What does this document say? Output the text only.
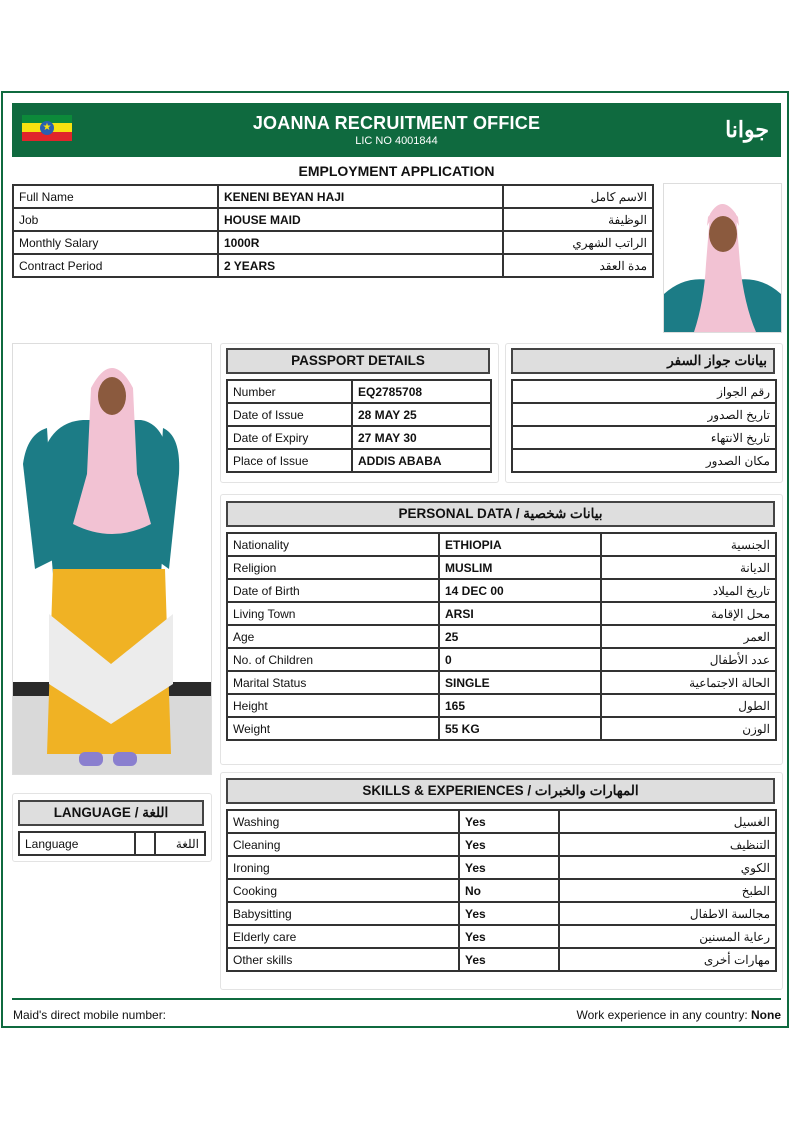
★	JOANNA RECRUITMENT OFFICE
LIC NO 4001844	جوانا
EMPLOYMENT APPLICATION
Full Name	KENENI BEYAN HAJI	الاسم كامل
Job	HOUSE MAID	الوظيفة
Monthly Salary	1000R	الراتب الشهري
Contract Period	2 YEARS	مدة العقد
PASSPORT DETAILS
Number	EQ2785708
Date of Issue	28 MAY 25
Date of Expiry	27 MAY 30
Place of Issue	ADDIS ABABA
بيانات جواز السفر
رقم الجواز
تاريخ الصدور
تاريخ الانتهاء
مكان الصدور
PERSONAL DATA / بيانات شخصية
Nationality	ETHIOPIA	الجنسية
Religion	MUSLIM	الديانة
Date of Birth	14 DEC 00	تاريخ الميلاد
Living Town	ARSI	محل الإقامة
Age	25	العمر
No. of Children	0	عدد الأطفال
Marital Status	SINGLE	الحالة الاجتماعية
Height	165	الطول
Weight	55 KG	الوزن
SKILLS & EXPERIENCES / المهارات والخبرات
Washing	Yes	الغسيل
Cleaning	Yes	التنظيف
Ironing	Yes	الكوي
Cooking	No	الطبخ
Babysitting	Yes	مجالسة الاطفال
Elderly care	Yes	رعاية المسنين
Other skills	Yes	مهارات أخرى
LANGUAGE / اللغة
Language		اللغة
Maid's direct mobile number:	Work experience in any country: None
